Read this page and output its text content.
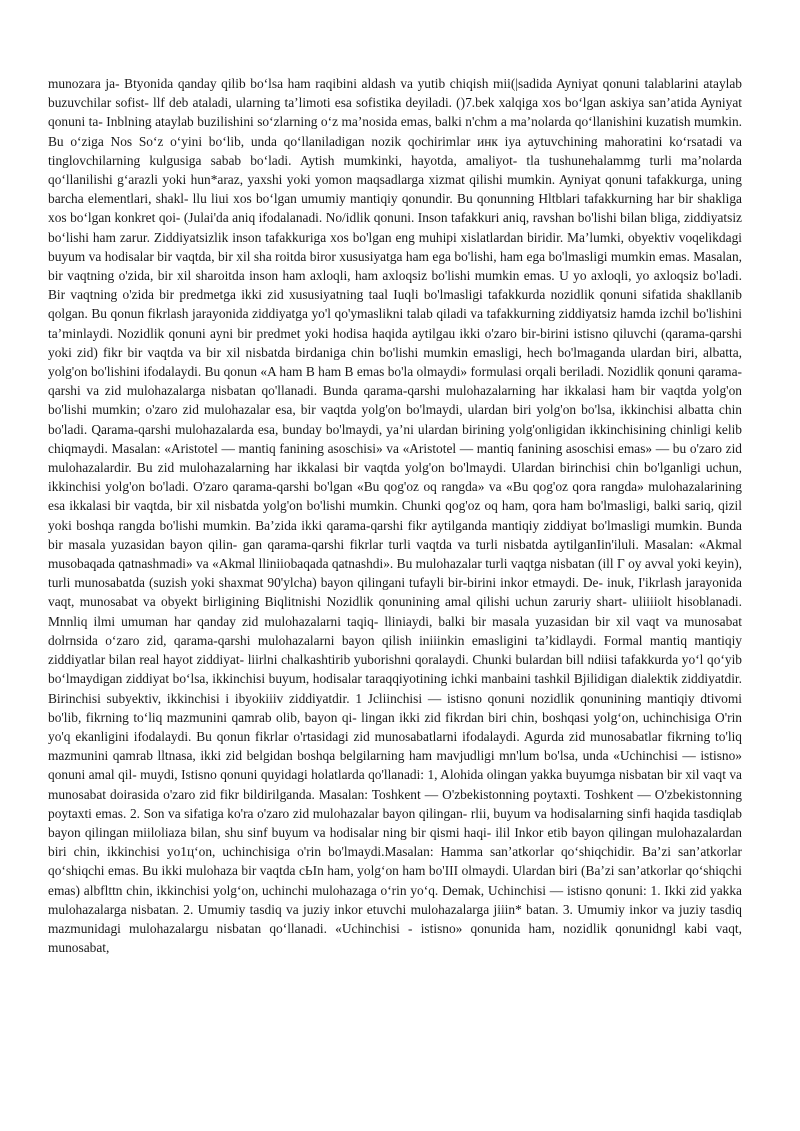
munozara ja- Btyonida qanday qilib bo‘lsa ham raqibini aldash va yutib chiqish mii(|sadida Ayniyat qonuni talablarini ataylab buzuvchilar sofist- llf deb ataladi, ularning ta’limoti esa sofistika deyiladi. ()7.bek xalqiga xos bo‘lgan askiya san’atida Ayniyat qonuni ta- Inblning ataylab buzilishini so‘zlarning o‘z ma’nosida emas, balki n'chm a ma’nolarda qo‘llanishini kuzatish mumkin. Bu o‘ziga Nos So‘z o‘yini bo‘lib, unda qo‘llaniladigan nozik qochirimlar инк iya aytuvchining mahoratini ko‘rsatadi va tinglovchilarning kulgusiga sabab bo‘ladi. Aytish mumkinki, hayotda, amaliyot- tla tushunehalammg turli ma’nolarda qo‘llanilishi g‘arazli yoki hun*araz, yaxshi yoki yomon maqsadlarga xizmat qilishi mumkin. Ayniyat qonuni tafakkurga, uning barcha elementlari, shakl- llu liui xos bo‘lgan umumiy mantiqiy qonundir. Bu qonunning Hltblari tafakkurning har bir shakliga xos bo‘lgan konkret qoi- (Julai'da aniq ifodalanadi. No/idlik qonuni. Inson tafakkuri aniq, ravshan bo'lishi bilan bliga, ziddiyatsiz bo‘lishi ham zarur. Ziddiyatsizlik inson tafakkuriga xos bo'lgan eng muhipi xislatlardan biridir. Ma’lumki, obyektiv voqelikdagi buyum va hodisalar bir vaqtda, bir xil sha roitda biror xususiyatga ham ega bo'lishi, ham ega bo'lmasligi mumkin emas. Masalan, bir vaqtning o'zida, bir xil sharoitda inson ham axloqli, ham axloqsiz bo'lishi mumkin emas. U yo axloqli, yo axloqsiz bo'ladi. Bir vaqtning o'zida bir predmetga ikki zid xususiyatning taal Iuqli bo'lmasligi tafakkurda nozidlik qonuni sifatida shakllanib qolgan. Bu qonun fikrlash jarayonida ziddiyatga yo'l qo'ymaslikni talab qiladi va tafakkurning ziddiyatsiz hamda izchil bo'lishini ta’minlaydi. Nozidlik qonuni ayni bir predmet yoki hodisa haqida aytilgau ikki o'zaro bir-birini istisno qiluvchi (qarama-qarshi yoki zid) fikr bir vaqtda va bir xil nisbatda birdaniga chin bo'lishi mumkin emasligi, hech bo'lmaganda ulardan biri, albatta, yolg'on bo'lishini ifodalaydi. Bu qonun «A ham B ham B emas bo'la olmaydi» formulasi orqali beriladi. Nozidlik qonuni qarama-qarshi va zid mulohazalarga nisbatan qo'llanadi. Bunda qarama-qarshi mulohazalarning har ikkalasi ham bir vaqtda yolg'on bo'lishi mumkin; o'zaro zid mulohazalar esa, bir vaqtda yolg'on bo'lmaydi, ulardan biri yolg'on bo'lsa, ikkinchisi albatta chin bo'ladi. Qarama-qarshi mulohazalarda esa, bunday bo'lmaydi, ya’ni ulardan birining yolg'onligidan ikkinchisining chinligi kelib chiqmaydi. Masalan: «Aristotel — mantiq fanining asoschisi» va «Aristotel — mantiq fanining asoschisi emas» — bu o'zaro zid mulohazalardir. Bu zid mulohazalarning har ikkalasi bir vaqtda yolg'on bo'lmaydi. Ulardan birinchisi chin bo'lganligi uchun, ikkinchisi yolg'on bo'ladi. O'zaro qarama-qarshi bo'lgan «Bu qog'oz oq rangda» va «Bu qog'oz qora rangda» mulohazalarining esa ikkalasi bir vaqtda, bir xil nisbatda yolg'on bo'lishi mumkin. Chunki qog'oz oq ham, qora ham bo'lmasligi, balki sariq, qizil yoki boshqa rangda bo'lishi mumkin. Ba’zida ikki qarama-qarshi fikr aytilganda mantiqiy ziddiyat bo'lmasligi mumkin. Bunda bir masala yuzasidan bayon qilin- gan qarama-qarshi fikrlar turli vaqtda va turli nisbatda aytilganIin'iluli. Masalan: «Akmal musobaqada qatnashmadi» va «Akmal lliniiobaqada qatnashdi». Bu mulohazalar turli vaqtga nisbatan (ill Г oy avval yoki keyin), turli munosabatda (suzish yoki shaxmat 90'ylcha) bayon qilingani tufayli bir-birini inkor etmaydi. De- inuk, I'ikrlash jarayonida vaqt, munosabat va obyekt birligining Biqlitnishi Nozidlik qonunining amal qilishi uchun zaruriy shart- uliiiiolt hisoblanadi. Mnnliq ilmi umuman har qanday zid mulohazalarni taqiq- lliniaydi, balki bir masala yuzasidan bir xil vaqt va munosabat dolrnsida o‘zaro zid, qarama-qarshi mulohazalarni bayon qilish iniiinkin emasligini ta’kidlaydi. Formal mantiq mantiqiy ziddiyatlar bilan real hayot ziddiyat- liirlni chalkashtirib yuborishni qoralaydi. Chunki bulardan bill ndiisi tafakkurda yo‘l qo‘yib bo‘lmaydigan ziddiyat bo‘lsa, ikkinchisi buyum, hodisalar taraqqiyotining ichki manbaini tashkil Bjilidigan dialektik ziddiyatdir. Birinchisi subyektiv, ikkinchisi i ibyokiiiv ziddiyatdir. 1 Jcliinchisi — istisno qonuni nozidlik qonunining mantiqiy dtivomi bo'lib, fikrning to‘liq mazmunini qamrab olib, bayon qi- lingan ikki zid fikrdan biri chin, boshqasi yolg‘on, uchinchisiga O'rin yo'q ekanligini ifodalaydi. Bu qonun fikrlar o'rtasidagi zid munosabatlarni ifodalaydi. Agurda zid munosabatlar fikrning to'liq mazmunini qamrab lltnasa, ikki zid belgidan boshqa belgilarning ham mavjudligi mn'lum bo'lsa, unda «Uchinchisi — istisno» qonuni amal qil- muydi, Istisno qonuni quyidagi holatlarda qo'llanadi: 1, Alohida olingan yakka buyumga nisbatan bir xil vaqt va munosabat doirasida o'zaro zid fikr bildirilganda. Masalan: Toshkent — O'zbekistonning poytaxti. Toshkent — O'zbekistonning poytaxti emas. 2. Son va sifatiga ko'ra o'zaro zid mulohazalar bayon qilingan- rlii, buyum va hodisalarning sinfi haqida tasdiqlab bayon qilingan miiloliaza bilan, shu sinf buyum va hodisalar ning bir qismi haqi- ilil Inkor etib bayon qilingan mulohazalardan biri chin, ikkinchisi yo1ц‘on, uchinchisiga o'rin bo'lmaydi.Masalan: Hamma san’atkorlar qo‘shiqchidir. Ba’zi san’atkorlar qo‘shiqchi emas. Bu ikki mulohaza bir vaqtda cЬIn ham, yolg‘on ham bo'III olmaydi. Ulardan biri (Ba’zi san’atkorlar qo‘shiqchi emas) albflttn chin, ikkinchisi yolg‘on, uchinchi mulohazaga o‘rin yo‘q. Demak, Uchinchisi — istisno qonuni: 1. Ikki zid yakka mulohazalarga nisbatan. 2. Umumiy tasdiq va juziy inkor etuvchi mulohazalarga jiiin* batan. 3. Umumiy inkor va juziy tasdiq mazmunidagi mulohazalargu nisbatan qo‘llanadi. «Uchinchisi - istisno» qonunida ham, nozidlik qonunidngl kabi vaqt, munosabat,
